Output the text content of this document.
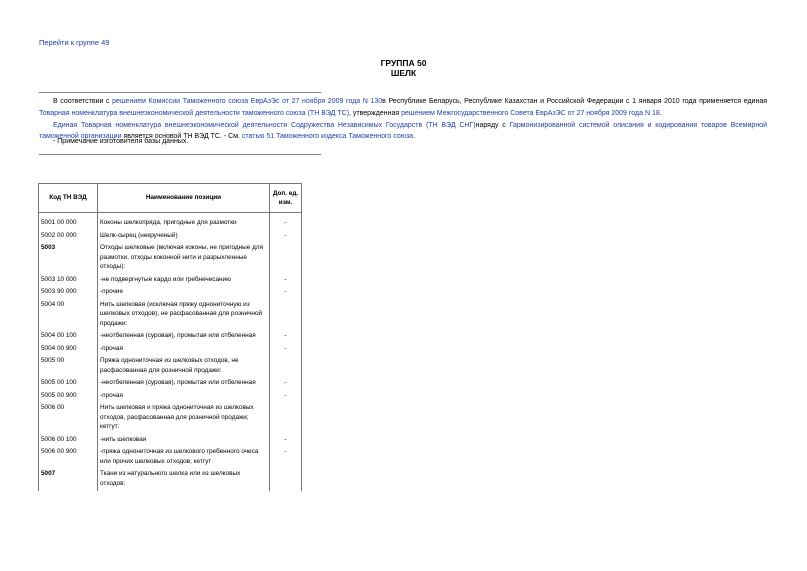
Перейти к группе 49
ГРУППА 50
ШЕЛК

В соответствии с решением Комиссии Таможенного союза ЕврАзЭс от 27 ноября 2009 года N 130в Республике Беларусь, Республике Казахстан и Российской Федерации с 1 января 2010 года применяется единая Товарная номенклатура внешнеэкономической деятельности таможенного союза (ТН ВЭД ТС), утвержденная решением Межгосударственного Совета ЕврАзЭС от 27 ноября 2009 года N 18.

Единая Товарная номенклатура внешнеэкономической деятельности Содружества Независимых Государств (ТН ВЭД СНГ)наряду с Гармонизированной системой описания и кодирования товаров Всемирной таможенной организации является основой ТН ВЭД ТС. - См. статью 51 Таможенного кодекса Таможенного союза.

- Примечание изготовителя базы данных.
Код ТН ВЭД	Наименование позиции	Доп. ед. изм.
5001 00 000	Коконы шелкопряда, пригодные для размотки	-
5002 00 000	Шелк-сырец (некрученый)	-
5003	Отходы шелковые (включая коконы, не пригодные для размотки, отходы коконной нити и разрыхленные отходы):	
5003 10 000	-не подвергнутые кардо или гребнечесанию	-
5003 90 000	-прочие	-
5004 00	Нить шелковая (исключая пряжу однониточную из шелковых отходов), не расфасованная для розничной продажи:	
5004 00 100	-неотбеленная (суровая), промытая или отбеленная	-
5004 00 900	-прочая	-
5005 00	Пряжа однониточная из шелковых отходов, не расфасованная для розничной продажи:	
5005 00 100	-неотбеленная (суровая), промытая или отбеленная	-
5005 00 900	-прочая	-
5006 00	Нить шелковая и пряжа однониточная из шелковых отходов, расфасованная для розничной продажи; кетгут:	
5006 00 100	-нить шелковая	-
5006 00 900	-пряжа однониточная из шелкового гребенного очеса или прочих шелковых отходов; кетгут	-
5007	Ткани из натурального шелка или из шелковых отходов:	
